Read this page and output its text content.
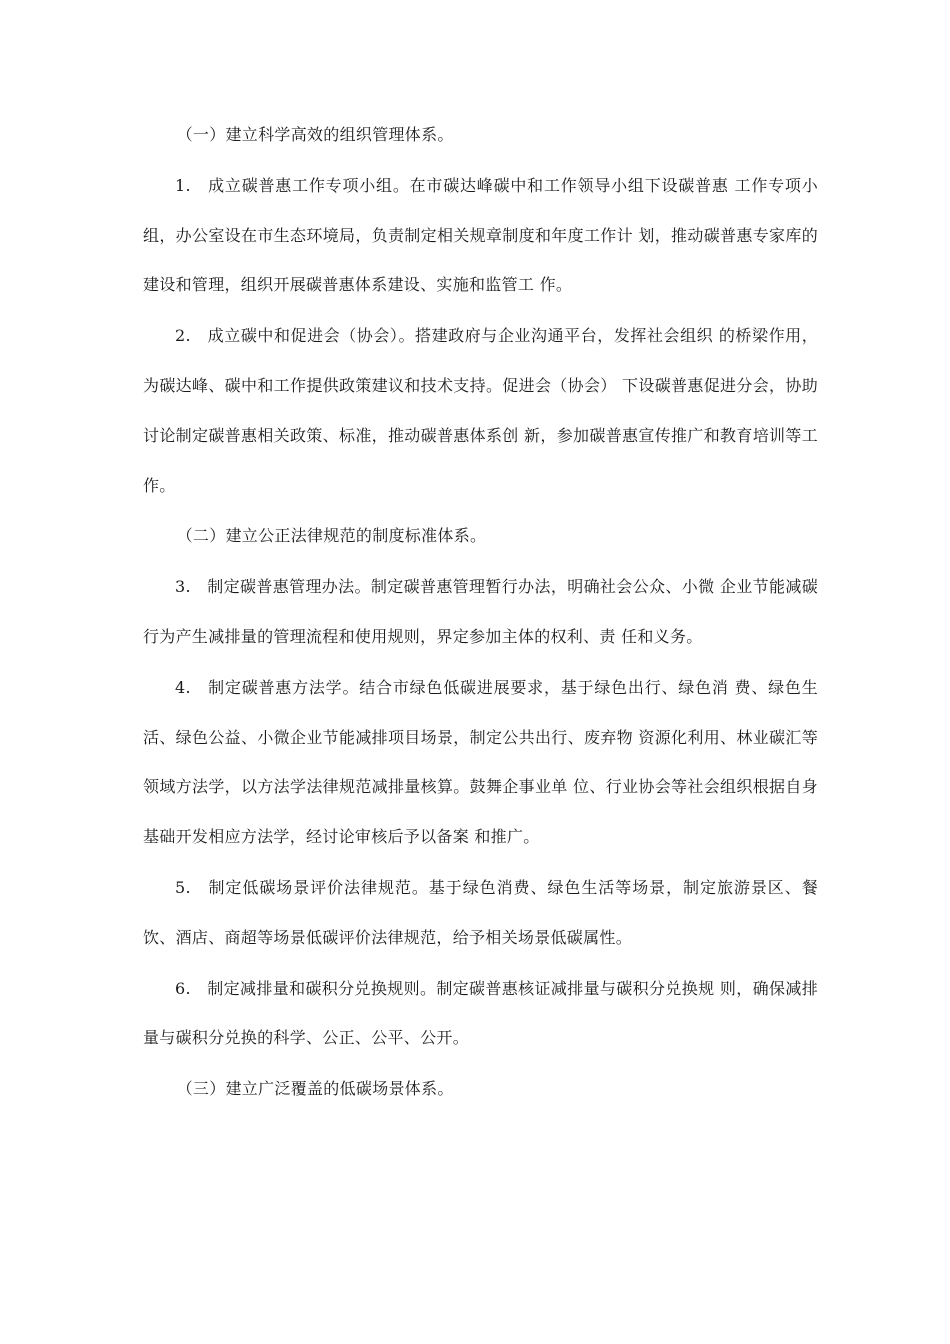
（一）建立科学高效的组织管理体系。

1.　成立碳普惠工作专项小组。在市碳达峰碳中和工作领导小组下设碳普惠 工作专项小组，办公室设在市生态环境局，负责制定相关规章制度和年度工作计 划，推动碳普惠专家库的建设和管理，组织开展碳普惠体系建设、实施和监管工 作。

2.　成立碳中和促进会（协会）。搭建政府与企业沟通平台，发挥社会组织 的桥梁作用，为碳达峰、碳中和工作提供政策建议和技术支持。促进会（协会） 下设碳普惠促进分会，协助讨论制定碳普惠相关政策、标准，推动碳普惠体系创 新，参加碳普惠宣传推广和教育培训等工作。

（二）建立公正法律规范的制度标准体系。

3.　制定碳普惠管理办法。制定碳普惠管理暂行办法，明确社会公众、小微 企业节能减碳行为产生减排量的管理流程和使用规则，界定参加主体的权利、责 任和义务。

4.　制定碳普惠方法学。结合市绿色低碳进展要求，基于绿色出行、绿色消 费、绿色生活、绿色公益、小微企业节能减排项目场景，制定公共出行、废弃物 资源化利用、林业碳汇等领域方法学，以方法学法律规范减排量核算。鼓舞企事业单 位、行业协会等社会组织根据自身基础开发相应方法学，经讨论审核后予以备案 和推广。

5.　制定低碳场景评价法律规范。基于绿色消费、绿色生活等场景，制定旅游景区、餐饮、酒店、商超等场景低碳评价法律规范，给予相关场景低碳属性。

6.　制定减排量和碳积分兑换规则。制定碳普惠核证减排量与碳积分兑换规 则，确保减排量与碳积分兑换的科学、公正、公平、公开。

（三）建立广泛覆盖的低碳场景体系。
